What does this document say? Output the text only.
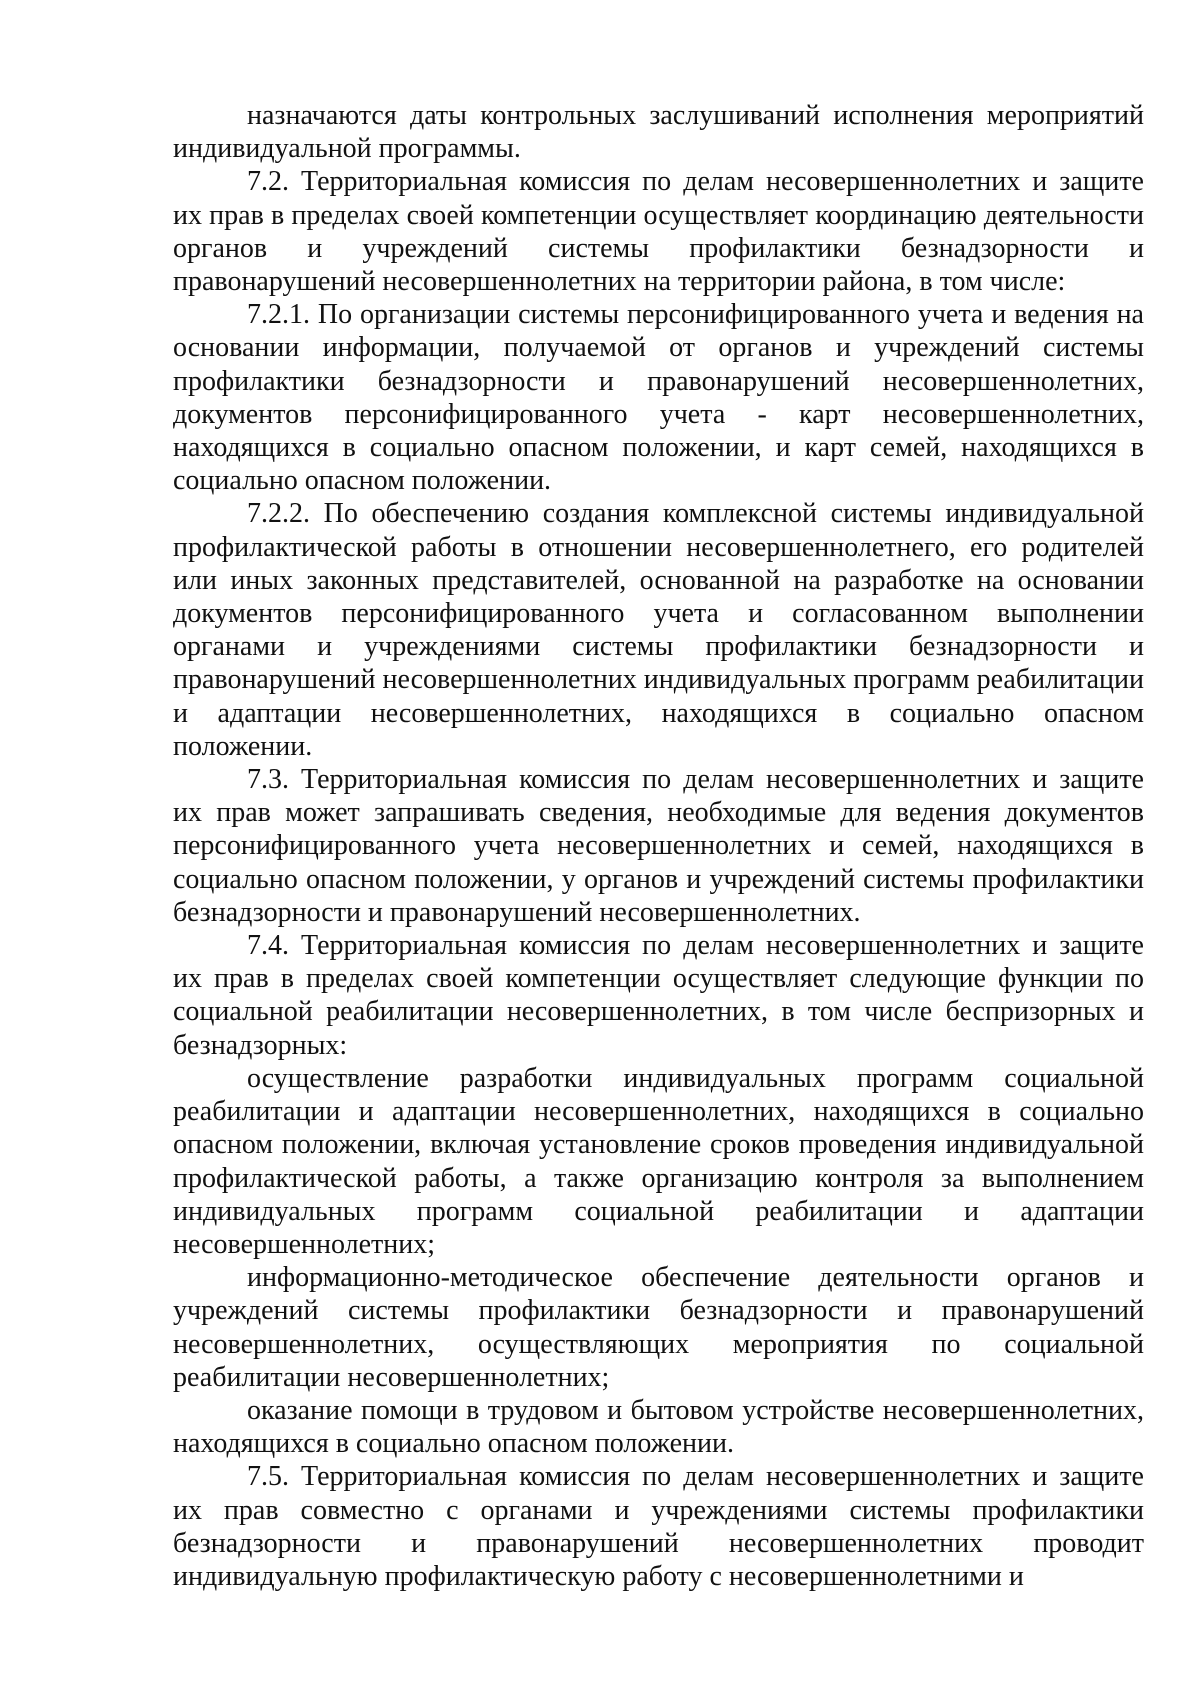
назначаются даты контрольных заслушиваний исполнения мероприятий индивидуальной программы.

7.2. Территориальная комиссия по делам несовершеннолетних и защите их прав в пределах своей компетенции осуществляет координацию деятельности органов и учреждений системы профилактики безнадзорности и правонарушений несовершеннолетних на территории района, в том числе:

7.2.1. По организации системы персонифицированного учета и ведения на основании информации, получаемой от органов и учреждений системы профилактики безнадзорности и правонарушений несовершеннолетних, документов персонифицированного учета - карт несовершеннолетних, находящихся в социально опасном положении, и карт семей, находящихся в социально опасном положении.

7.2.2. По обеспечению создания комплексной системы индивидуальной профилактической работы в отношении несовершеннолетнего, его родителей или иных законных представителей, основанной на разработке на основании документов персонифицированного учета и согласованном выполнении органами и учреждениями системы профилактики безнадзорности и правонарушений несовершеннолетних индивидуальных программ реабилитации и адаптации несовершеннолетних, находящихся в социально опасном положении.

7.3. Территориальная комиссия по делам несовершеннолетних и защите их прав может запрашивать сведения, необходимые для ведения документов персонифицированного учета несовершеннолетних и семей, находящихся в социально опасном положении, у органов и учреждений системы профилактики безнадзорности и правонарушений несовершеннолетних.

7.4. Территориальная комиссия по делам несовершеннолетних и защите их прав в пределах своей компетенции осуществляет следующие функции по социальной реабилитации несовершеннолетних, в том числе беспризорных и безнадзорных:

осуществление разработки индивидуальных программ социальной реабилитации и адаптации несовершеннолетних, находящихся в социально опасном положении, включая установление сроков проведения индивидуальной профилактической работы, а также организацию контроля за выполнением индивидуальных программ социальной реабилитации и адаптации несовершеннолетних;

информационно-методическое обеспечение деятельности органов и учреждений системы профилактики безнадзорности и правонарушений несовершеннолетних, осуществляющих мероприятия по социальной реабилитации несовершеннолетних;

оказание помощи в трудовом и бытовом устройстве несовершеннолетних, находящихся в социально опасном положении.

7.5. Территориальная комиссия по делам несовершеннолетних и защите их прав совместно с органами и учреждениями системы профилактики безнадзорности и правонарушений несовершеннолетних проводит индивидуальную профилактическую работу с несовершеннолетними и
